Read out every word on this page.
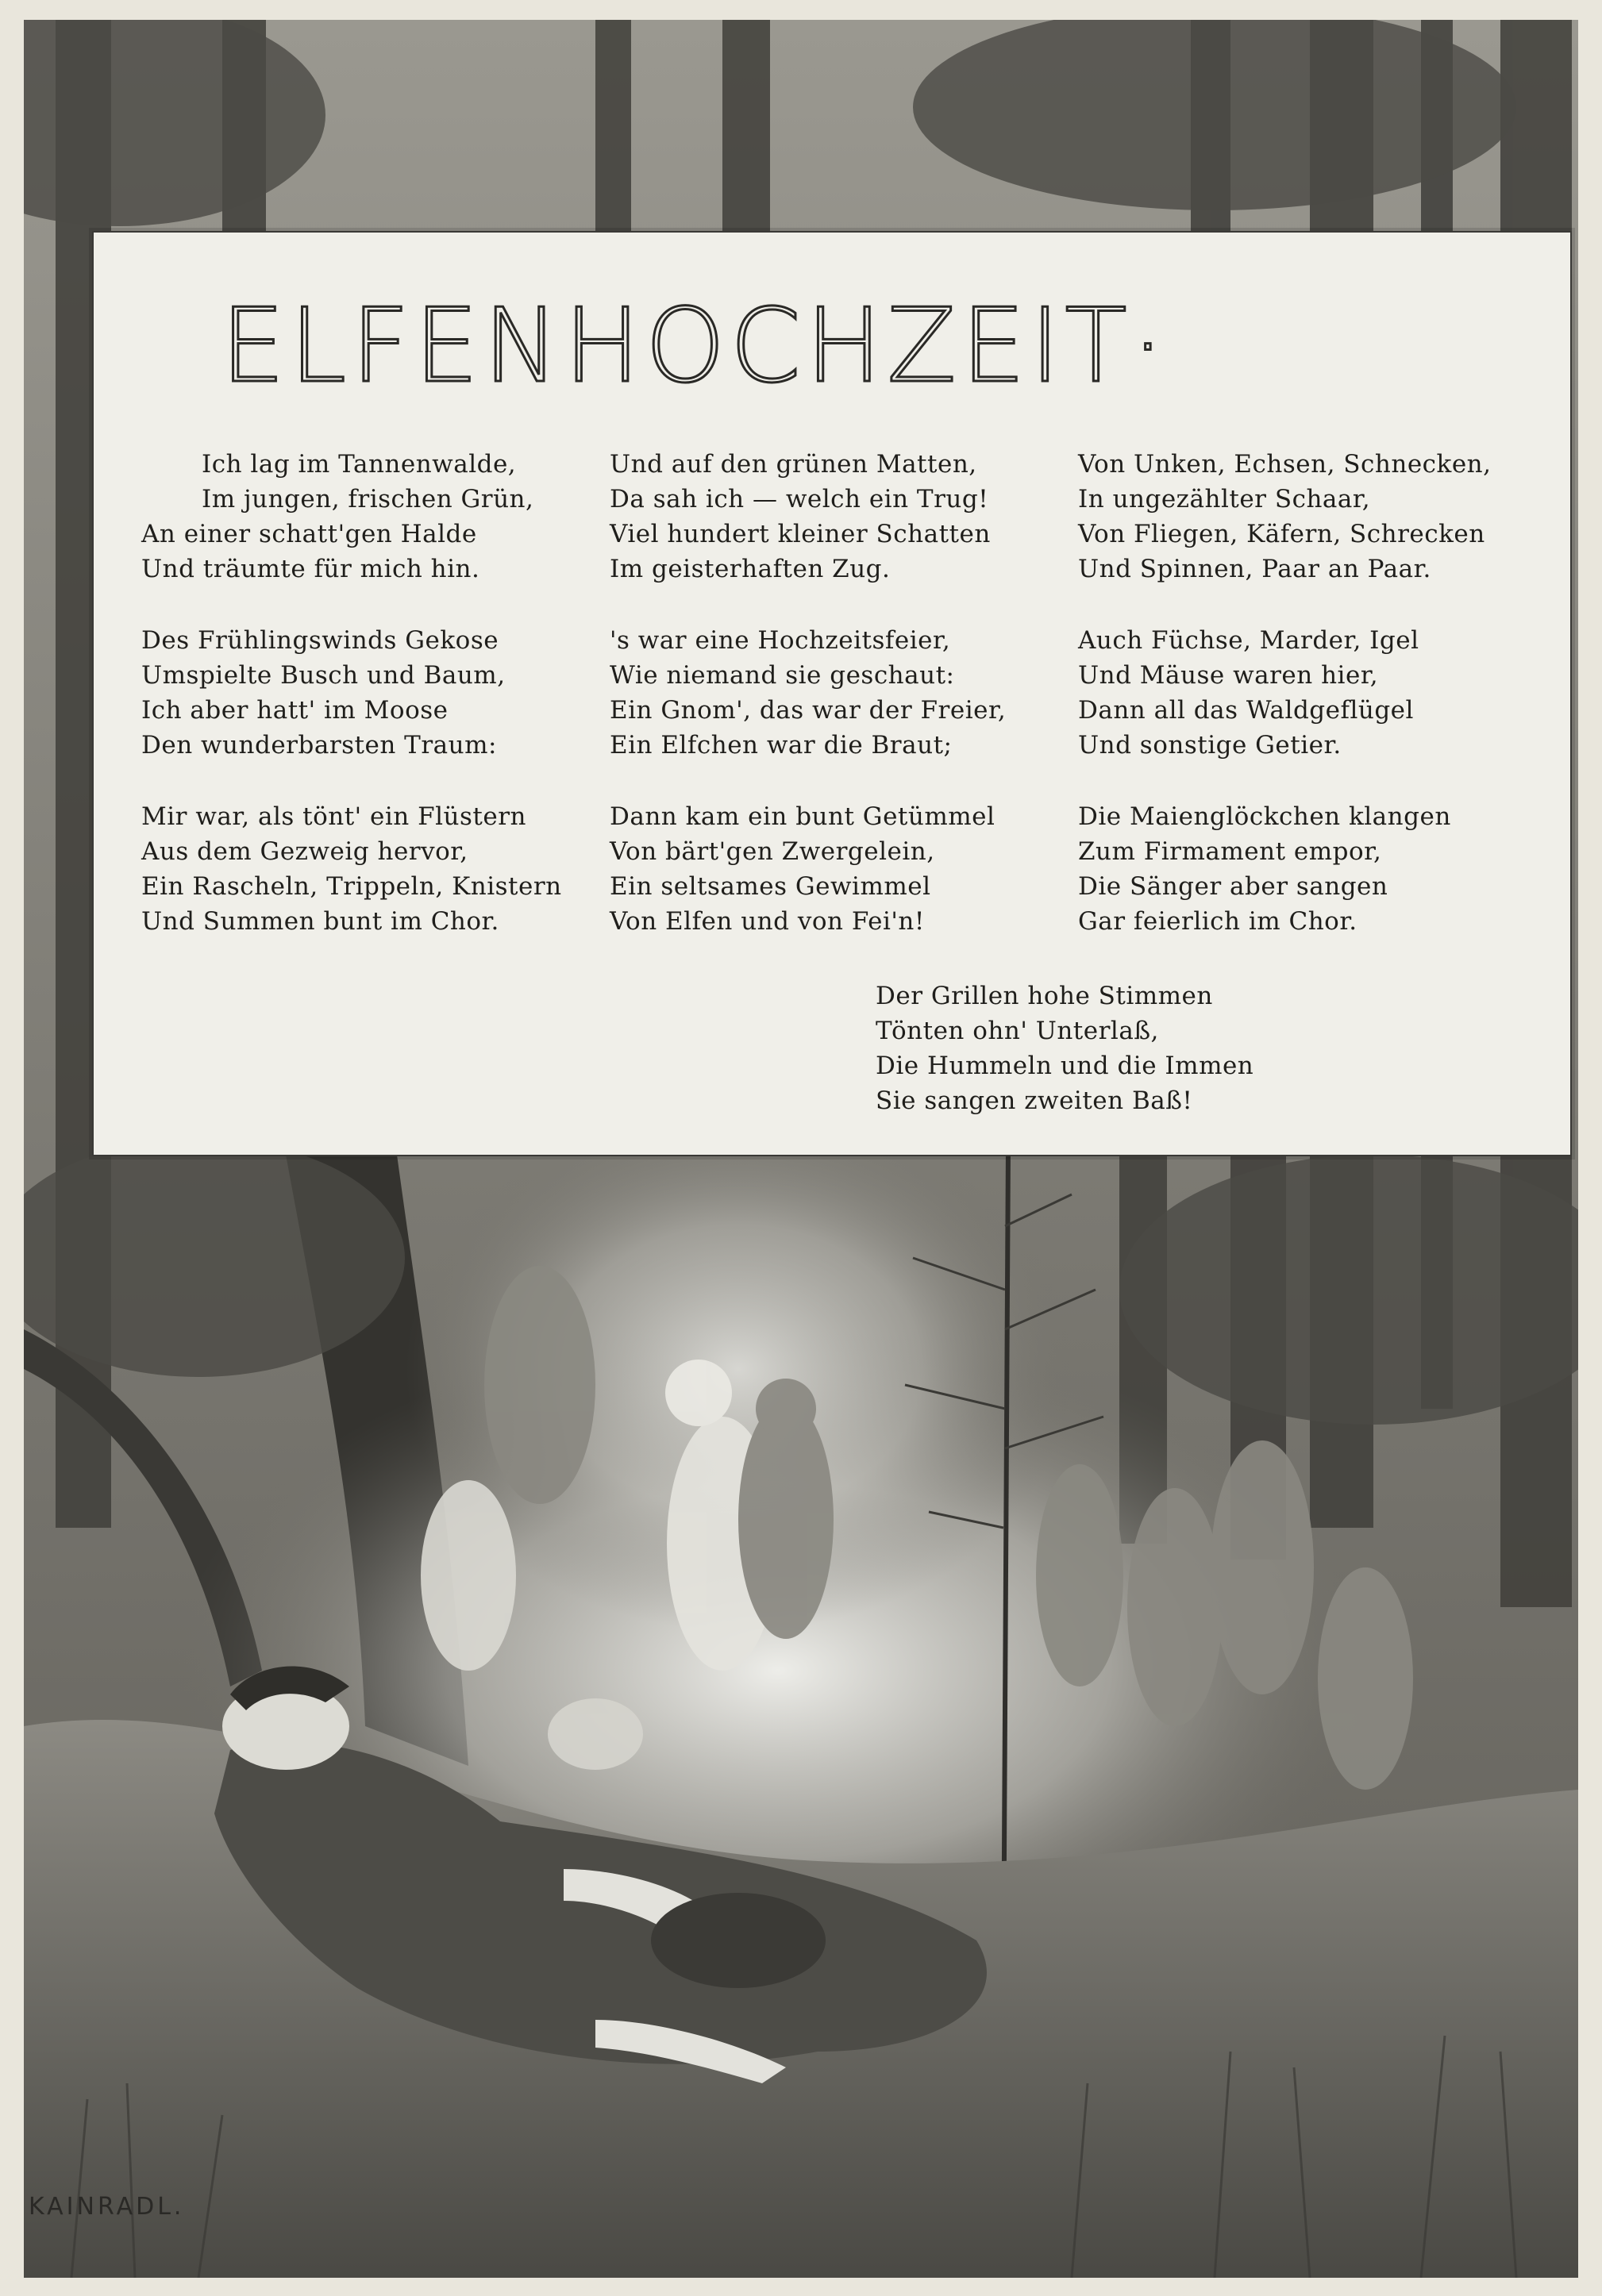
ELFENHOCHZEIT·
Ich lag im Tannenwalde,
Im jungen, frischen Grün,
An einer schatt'gen Halde
Und träumte für mich hin.
Des Frühlingswinds Gekose
Umspielte Busch und Baum,
Ich aber hatt' im Moose
Den wunderbarsten Traum:
Mir war, als tönt' ein Flüstern
Aus dem Gezweig hervor,
Ein Rascheln, Trippeln, Knistern
Und Summen bunt im Chor.
Und auf den grünen Matten,
Da sah ich — welch ein Trug!
Viel hundert kleiner Schatten
Im geisterhaften Zug.
's war eine Hochzeitsfeier,
Wie niemand sie geschaut:
Ein Gnom', das war der Freier,
Ein Elfchen war die Braut;
Dann kam ein bunt Getümmel
Von bärt'gen Zwergelein,
Ein seltsames Gewimmel
Von Elfen und von Fei'n!
Von Unken, Echsen, Schnecken,
In ungezählter Schaar,
Von Fliegen, Käfern, Schrecken
Und Spinnen, Paar an Paar.
Auch Füchse, Marder, Igel
Und Mäuse waren hier,
Dann all das Waldgeflügel
Und sonstige Getier.
Die Maienglöckchen klangen
Zum Firmament empor,
Die Sänger aber sangen
Gar feierlich im Chor.
Der Grillen hohe Stimmen
Tönten ohn' Unterlaß,
Die Hummeln und die Immen
Sie sangen zweiten Baß!

KAINRADL.
